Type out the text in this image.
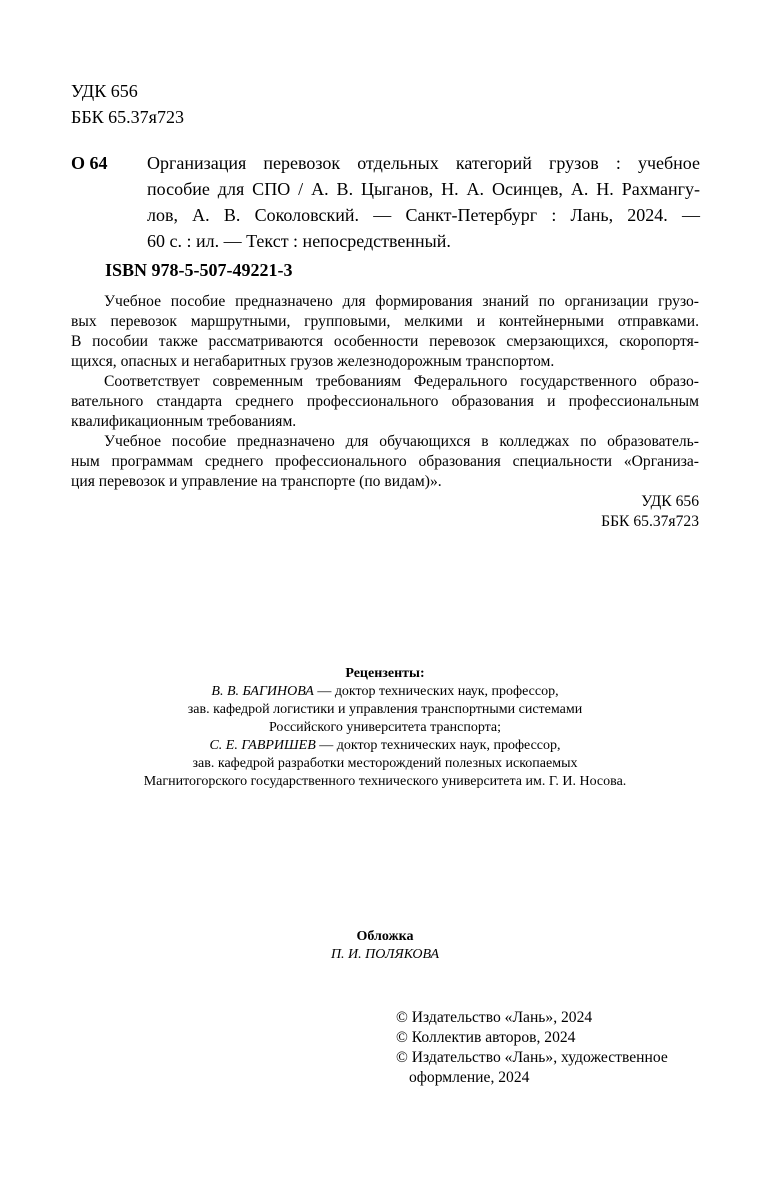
УДК 656
ББК 65.37я723
О 64 Организация перевозок отдельных категорий грузов : учебное
пособие для СПО / А. В. Цыганов, Н. А. Осинцев, А. Н. Рахмангу-
лов, А. В. Соколовский. — Санкт-Петербург : Лань, 2024. —
60 с. : ил. — Текст : непосредственный.
ISBN 978-5-507-49221-3
Учебное пособие предназначено для формирования знаний по организации грузо-
вых перевозок маршрутными, групповыми, мелкими и контейнерными отправками.
В пособии также рассматриваются особенности перевозок смерзающихся, скоропортя-
щихся, опасных и негабаритных грузов железнодорожным транспортом.
Соответствует современным требованиям Федерального государственного образо-
вательного стандарта среднего профессионального образования и профессиональным
квалификационным требованиям.
Учебное пособие предназначено для обучающихся в колледжах по образователь-
ным программам среднего профессионального образования специальности «Организа-
ция перевозок и управление на транспорте (по видам)».
УДК 656
ББК 65.37я723
Рецензенты:
В. В. БАГИНОВА — доктор технических наук, профессор,
зав. кафедрой логистики и управления транспортными системами
Российского университета транспорта;
С. Е. ГАВРИШЕВ — доктор технических наук, профессор,
зав. кафедрой разработки месторождений полезных ископаемых
Магнитогорского государственного технического университета им. Г. И. Носова.
Обложка
П. И. ПОЛЯКОВА
© Издательство «Лань», 2024
© Коллектив авторов, 2024
© Издательство «Лань», художественное
оформление, 2024
